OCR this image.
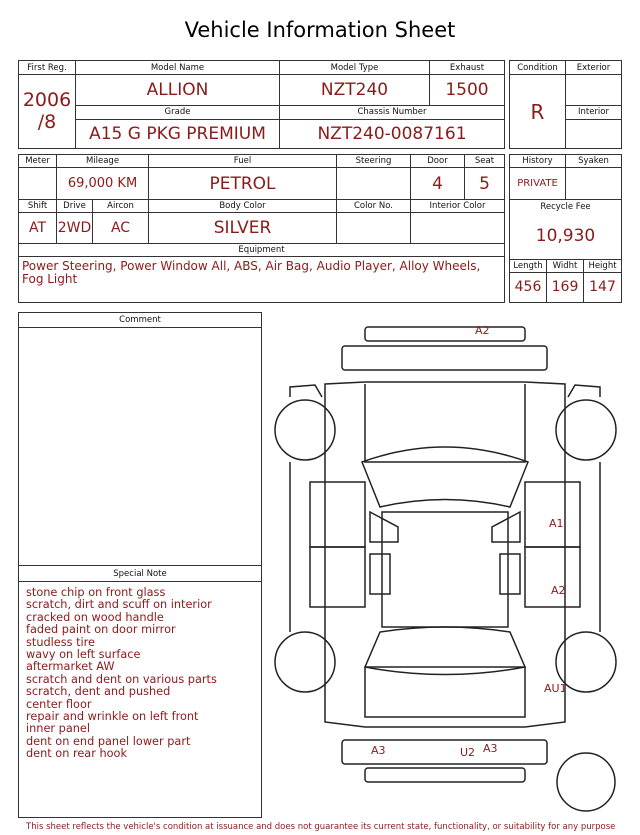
Vehicle Information Sheet
First Reg.	Model Name	Model Type	Exhaust

2006
/8	ALLION	NZT240	1500
	Grade	Chassis Number	
	A15 G PKG PREMIUM	NZT240-0087161	
Condition	Exterior
R	
	Interior

Meter	Mileage		Fuel	Steering	Door	Seat
	69,000 KM		PETROL		4	5
Shift	Drive	Aircon	Body Color	Color No.	Interior Color	
AT	2WD	AC	SILVER			
Equipment						

Power Steering, Power Window All, ABS, Air Bag, Audio Player, Alloy Wheels, Fog Light
History		Syaken	
PRIVATE			
Recycle Fee			
10,930			
Length	Widht		Height
456	169		147
Comment
Special Note
stone chip on front glass
scratch, dirt and scuff on interior
cracked on wood handle
faded paint on door mirror
studless tire
wavy on left surface
aftermarket AW
scratch and dent on various parts
scratch, dent and pushed
center floor
repair and wrinkle on left front
inner panel
dent on end panel lower part
dent on rear hook
A2
A1
A2
AU1
A3	U2 A3
This sheet reflects the vehicle's condition at issuance and does not guarantee its current state, functionality, or suitability for any purpose
